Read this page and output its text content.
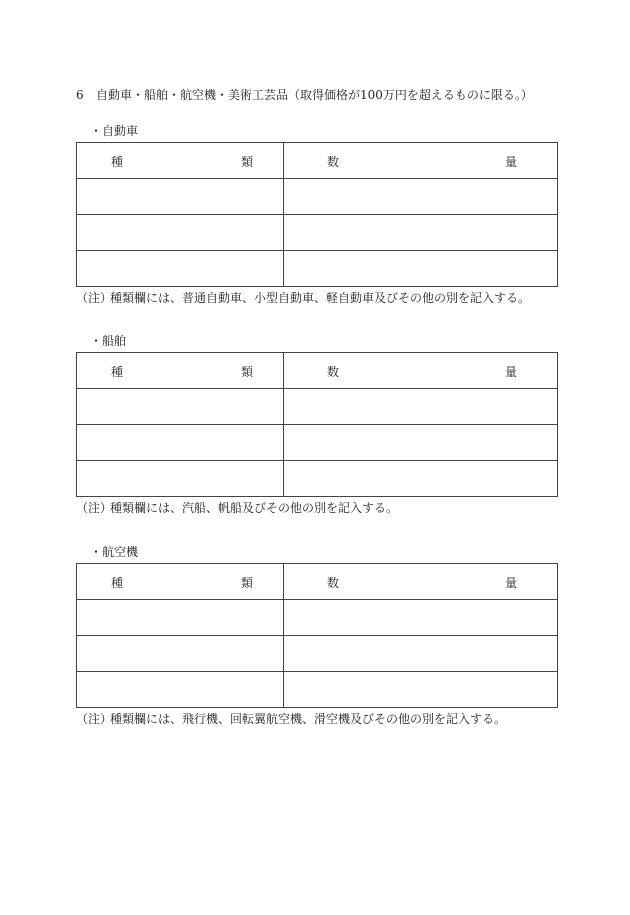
6 自動車・船舶・航空機・美術工芸品（取得価格が100万円を超えるものに限る。）
・自動車
種 類	数 量

（注）種類欄には、普通自動車、小型自動車、軽自動車及びその他の別を記入する。
・船舶
種 類	数 量

（注）種類欄には、汽船、帆船及びその他の別を記入する。
・航空機
種 類	数 量

（注）種類欄には、飛行機、回転翼航空機、滑空機及びその他の別を記入する。
